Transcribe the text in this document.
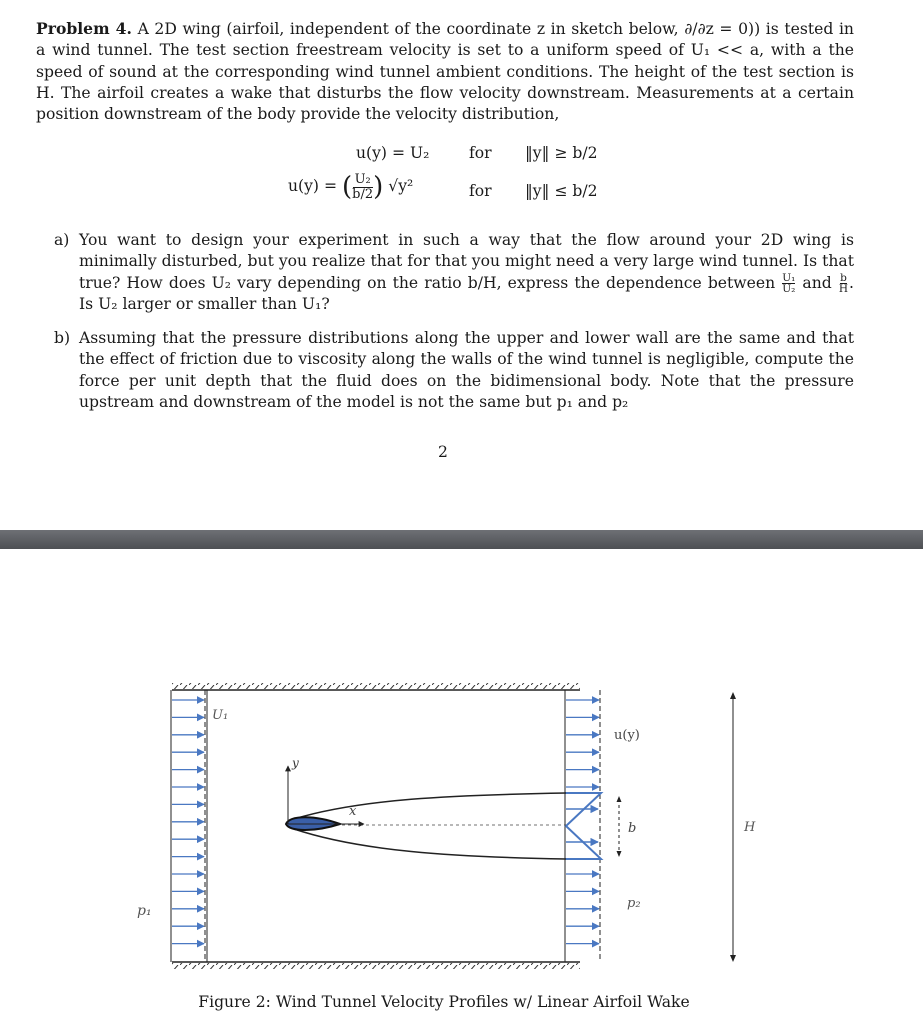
Problem 4. A 2D wing (airfoil, independent of the coordinate z in sketch below, ∂/∂z = 0)) is tested in a wind tunnel. The test section freestream velocity is set to a uniform speed of U₁ << a, with a the speed of sound at the corresponding wind tunnel ambient conditions. The height of the test section is H. The airfoil creates a wake that disturbs the flow velocity downstream. Measurements at a certain position downstream of the body provide the velocity distribution,
u(y) = U₂	for ‖y‖ ≥ b/2
u(y) = ( $\frac{\text{U₂}}{b/2}$ ) √y²	for ‖y‖ ≤ b/2
a) You want to design your experiment in such a way that the flow around your 2D wing is minimally disturbed, but you realize that for that you might need a very large wind tunnel. Is that true? How does U₂ vary depending on the ratio b/H, express the dependence between $\frac{\text{U₁}}{\text{U₂}}$ and $\frac{b}{H}$ . Is U₂ larger or smaller than U₁?
b) Assuming that the pressure distributions along the upper and lower wall are the same and that the effect of friction due to viscosity along the walls of the wind tunnel is negligible, compute the force per unit depth that the fluid does on the bidimensional body. Note that the pressure upstream and downstream of the model is not the same but p₁ and p₂
2
U₁
y
x
u(y)
b	H
p₁	p₂
Figure 2: Wind Tunnel Velocity Profiles w/ Linear Airfoil Wake
